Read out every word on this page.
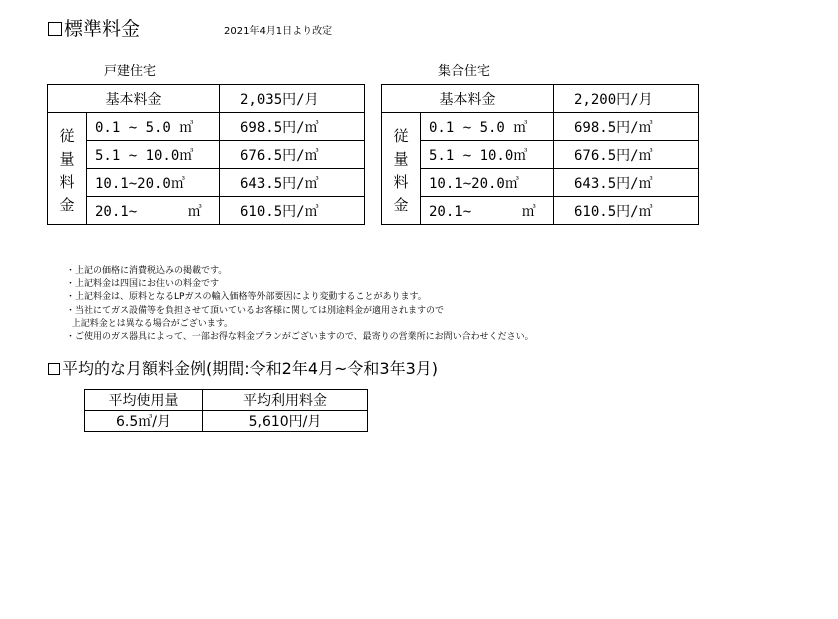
標準料金	2021年4月1日より改定
戸建住宅	集合住宅
基本料金		2,035円/月

従
量
料
金	0.1 ~ 5.0 ㎥	698.5円/㎥
	5.1 ~ 10.0㎥	676.5円/㎥
	10.1~20.0㎥	643.5円/㎥
	20.1~      ㎥	610.5円/㎥
基本料金		2,200円/月

従
量
料
金	0.1 ~ 5.0 ㎥	698.5円/㎥
	5.1 ~ 10.0㎥	676.5円/㎥
	10.1~20.0㎥	643.5円/㎥
	20.1~      ㎥	610.5円/㎥
・上記の価格に消費税込みの掲載です。
・上記料金は四国にお住いの料金です
・上記料金は、原料となるLPガスの輸入価格等外部要因により変動することがあります。
・当社にてガス設備等を負担させて頂いているお客様に関しては別途料金が適用されますので
上記料金とは異なる場合がございます。
・ご使用のガス器具によって、一部お得な料金プランがございますので、最寄りの営業所にお問い合わせください。
平均的な月額料金例(期間:令和2年4月~令和3年3月)
平均使用量	平均利用料金
6.5㎥/月	5,610円/月
